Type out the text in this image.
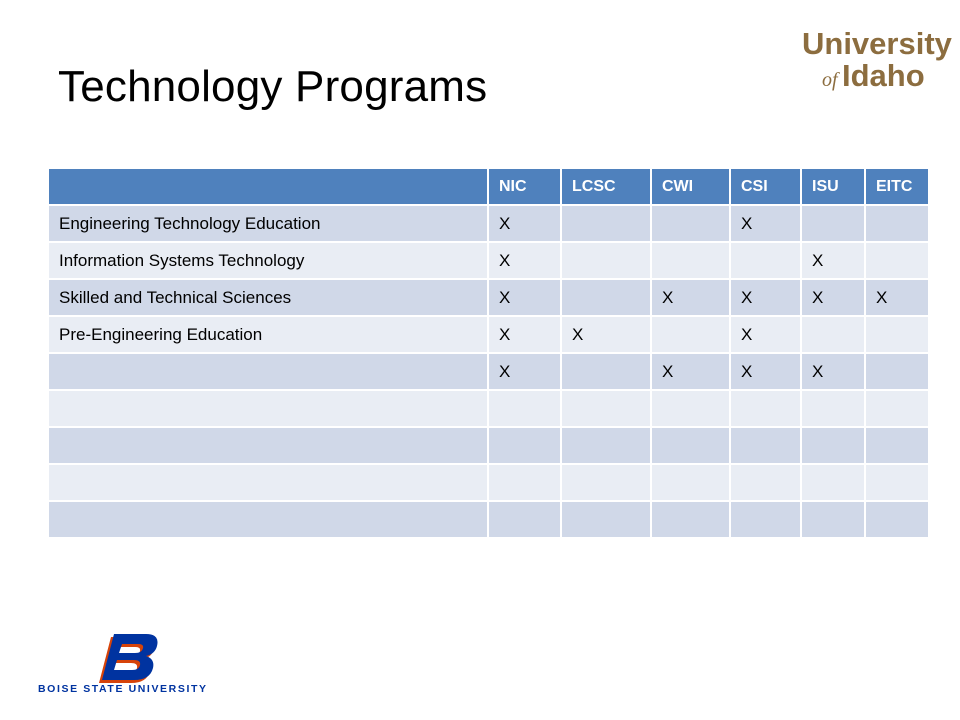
Technology Programs
University
of Idaho
	NIC	LCSC	CWI	CSI	ISU	EITC
Engineering Technology Education	X			X		
Information Systems Technology	X				X	
Skilled and Technical Sciences	X		X	X	X	X
Pre-Engineering Education	X	X		X		
	X		X	X	X	

BOISE STATE UNIVERSITY
